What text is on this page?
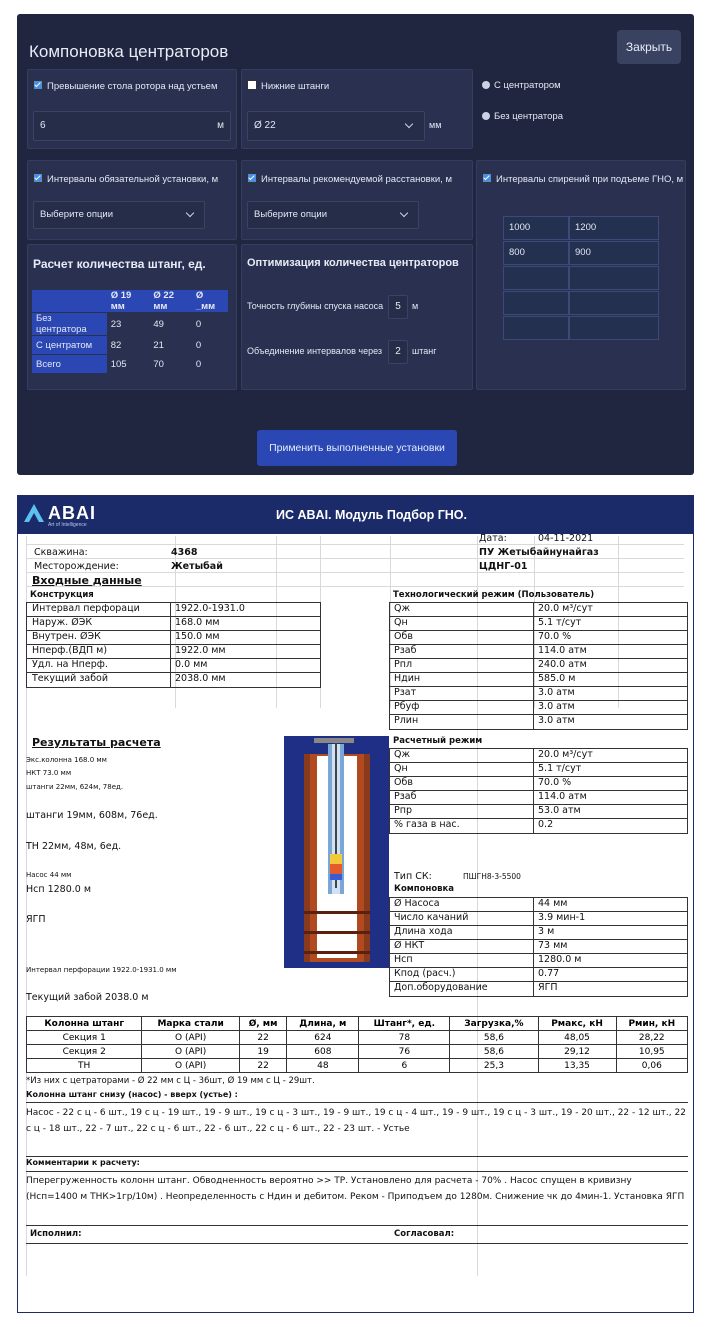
Компоновка центраторов	Закрыть
Превышение стола ротора над устьем
6	м
Нижние штанги
Ø 22	мм
С центратором
Без центратора
Интервалы обязательной установки, м
Выберите опции
Интервалы рекомендуемой расстановки, м
Выберите опции
Интервалы спирений при подъеме ГНО, м
1000	1200
800	900
Расчет количества штанг, ед.
	Ø 19 мм	Ø 22 мм	Ø _мм
Без центратора	23	49	0
С центратом	82	21	0
Всего	105	70	0
Оптимизация количества центраторов
Точность глубины спуска насоса	5	м
Объединение интервалов через	2	штанг
Применить выполненные установки
ABAI
Art of Intelligence
ИС ABAI. Модуль Подбор ГНО.
Дата:	04-11-2021
ПУ Жетыбайнунайгаз
ЦДНГ-01
Скважина:	4368
Месторождение:	Жетыбай
Входные данные
Конструкция
Интервал перфораци	1922.0-1931.0
Наруж. ØЭК	168.0 мм
Внутрен. ØЭК	150.0 мм
Нперф.(ВДП м)	1922.0 мм
Удл. на Нперф.	0.0 мм
Текущий забой	2038.0 мм
Технологический режим (Пользователь)
Qж	20.0 м³/сут
Qн	5.1 т/сут
Обв	70.0 %
Рзаб	114.0 атм
Рпл	240.0 атм
Ндин	585.0 м
Рзат	3.0 атм
Рбуф	3.0 атм
Рлин	3.0 атм
Результаты расчета
Экс.колонна 168.0 мм
НКТ 73.0 мм
штанги 22мм, 624м, 78ед.
штанги 19мм, 608м, 76ед.
ТН 22мм, 48м, 6ед.
Насос 44 мм
Нсп 1280.0 м
ЯГП
Интервал перфорации 1922.0-1931.0 мм
Текущий забой 2038.0 м
Расчетный режим
Qж	20.0 м³/сут
Qн	5.1 т/сут
Обв	70.0 %
Рзаб	114.0 атм
Рпр	53.0 атм
% газа в нас.	0.2
Тип СК:	ПШГН8-3-5500
Компоновка
Ø Насоса	44 мм
Число качаний	3.9 мин-1
Длина хода	3 м
Ø НКТ	73 мм
Нсп	1280.0 м
Кпод (расч.)	0.77
Доп.оборудование	ЯГП
Колонна штанг	Марка стали	Ø, мм	Длина, м	Штанг*, ед.	Загрузка,%	Pмакс, кН	Pмин, кН
Секция 1	Ο (API)	22	624	78	58,6	48,05	28,22
Секция 2	Ο (API)	19	608	76	58,6	29,12	10,95
ТН	Ο (API)	22	48	6	25,3	13,35	0,06
*Из них с цетраторами - Ø 22 мм с Ц - 36шт, Ø 19 мм с Ц - 29шт.
Колонна штанг снизу (насос) - вверх (устье) :
Насос - 22 с ц - 6 шт., 19 с ц - 19 шт., 19 - 9 шт., 19 с ц - 3 шт., 19 - 9 шт., 19 с ц - 4 шт., 19 - 9 шт., 19 с ц - 3 шт., 19 - 20 шт., 22 - 12 шт., 22 с ц - 18 шт., 22 - 7 шт., 22 с ц - 6 шт., 22 - 6 шт., 22 с ц - 6 шт., 22 - 23 шт. - Устье
Комментарии к расчету:
Пперегруженность колонн штанг. Обводненность вероятно >> ТР. Установлено для расчета - 70% . Насос спущен в кривизну (Нсп=1400 м ТНК>1гр/10м) . Неопределенность с Ндин и дебитом. Реком - Приподъем до 1280м. Снижение чк до 4мин-1. Установка ЯГП
Исполнил:	Согласовал:
